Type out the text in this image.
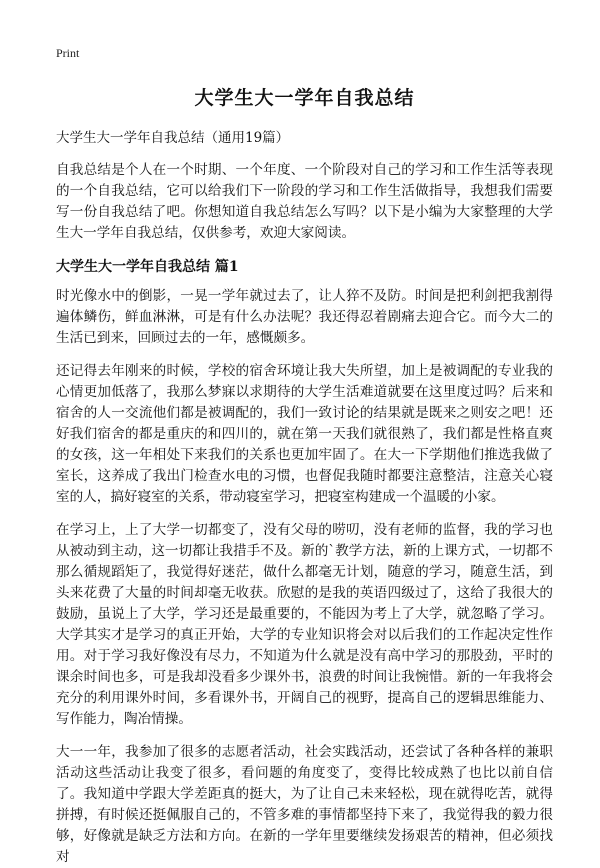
Print
大学生大一学年自我总结
大学生大一学年自我总结（通用19篇）

自我总结是个人在一个时期、一个年度、一个阶段对自己的学习和工作生活等表现的一个自我总结，它可以给我们下一阶段的学习和工作生活做指导，我想我们需要写一份自我总结了吧。你想知道自我总结怎么写吗？以下是小编为大家整理的大学生大一学年自我总结，仅供参考，欢迎大家阅读。

大学生大一学年自我总结 篇1

时光像水中的倒影，一晃一学年就过去了，让人猝不及防。时间是把利剑把我割得遍体鳞伤，鲜血淋淋，可是有什么办法呢？我还得忍着剧痛去迎合它。而今大二的生活已到来，回顾过去的一年，感慨颇多。

还记得去年刚来的时候，学校的宿舍环境让我大失所望，加上是被调配的专业我的心情更加低落了，我那么梦寐以求期待的大学生活难道就要在这里度过吗？后来和宿舍的人一交流他们都是被调配的，我们一致讨论的结果就是既来之则安之吧！还好我们宿舍的都是重庆的和四川的，就在第一天我们就很熟了，我们都是性格直爽的女孩，这一年相处下来我们的关系也更加牢固了。在大一下学期他们推选我做了室长，这养成了我出门检查水电的习惯，也督促我随时都要注意整洁，注意关心寝室的人，搞好寝室的关系，带动寝室学习，把寝室构建成一个温暖的小家。

在学习上，上了大学一切都变了，没有父母的唠叨，没有老师的监督，我的学习也从被动到主动，这一切都让我措手不及。新的`教学方法，新的上课方式，一切都不那么循规蹈矩了，我觉得好迷茫，做什么都毫无计划，随意的学习，随意生活，到头来花费了大量的时间却毫无收获。欣慰的是我的英语四级过了，这给了我很大的鼓励，虽说上了大学，学习还是最重要的，不能因为考上了大学，就忽略了学习。大学其实才是学习的真正开始，大学的专业知识将会对以后我们的工作起决定性作用。对于学习我好像没有尽力，不知道为什么就是没有高中学习的那股劲，平时的课余时间也多，可是我却没看多少课外书，浪费的时间让我惋惜。新的一年我将会充分的利用课外时间，多看课外书，开阔自己的视野，提高自己的逻辑思维能力、写作能力，陶冶情操。

大一一年，我参加了很多的志愿者活动，社会实践活动，还尝试了各种各样的兼职活动这些活动让我变了很多，看问题的角度变了，变得比较成熟了也比以前自信了。我知道中学跟大学差距真的挺大，为了让自己未来轻松，现在就得吃苦，就得拼搏，有时候还挺佩服自己的，不管多难的事情都坚持下来了，我觉得我的毅力很够，好像就是缺乏方法和方向。在新的一学年里要继续发扬艰苦的精神，但必须找对
